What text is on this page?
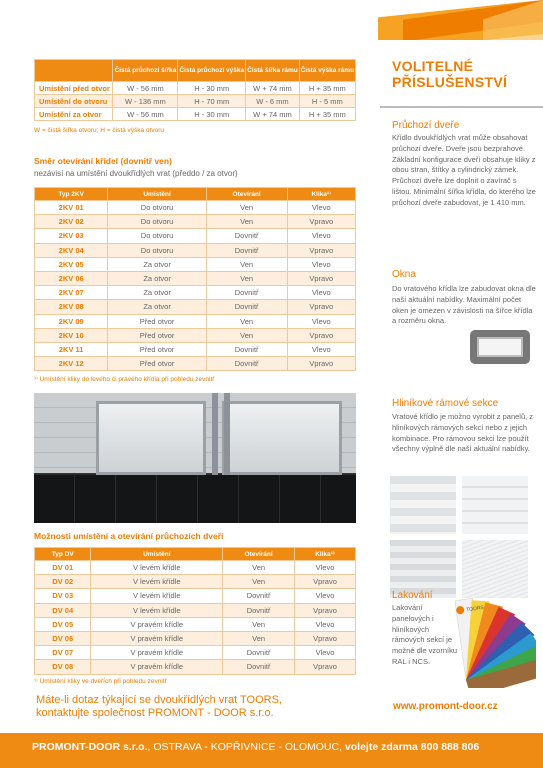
	Čistá průchozí šířka	Čistá průchozí výška	Čistá šířka rámu	Čistá výška rámu
Umístění před otvor	W - 56 mm	H - 30 mm	W + 74 mm	H + 35 mm
Umístění do otvoru	W - 136 mm	H - 70 mm	W - 6 mm	H - 5 mm
Umístění za otvor	W - 56 mm	H - 30 mm	W + 74 mm	H + 35 mm
W = čistá šířka otvoru; H = čistá výška otvoru
Směr otevírání křídel (dovnitř ven)
nezávisí na umístění dvoukřídlých vrat (předdo / za otvor)
Typ 2KV	Umístění	Otevírání	Klika¹⁾
2KV 01	Do otvoru	Ven	Vlevo
2KV 02	Do otvoru	Ven	Vpravo
2KV 03	Do otvoru	Dovnitř	Vlevo
2KV 04	Do otvoru	Dovnitř	Vpravo
2KV 05	Za otvor	Ven	Vlevo
2KV 06	Za otvor	Ven	Vpravo
2KV 07	Za otvor	Dovnitř	Vlevo
2KV 08	Za otvor	Dovnitř	Vpravo
2KV 09	Před otvor	Ven	Vlevo
2KV 10	Před otvor	Ven	Vpravo
2KV 11	Před otvor	Dovnitř	Vlevo
2KV 12	Před otvor	Dovnitř	Vpravo
¹⁾ Umístění kliky do levého či pravého křídla při pohledu zevnitř
Možnosti umístění a otevírání průchozích dveří
Typ DV	Umístění	Otevírání	Klika¹⁾
DV 01	V levém křídle	Ven	Vlevo
DV 02	V levém křídle	Ven	Vpravo
DV 03	V levém křídle	Dovnitř	Vlevo
DV 04	V levém křídle	Dovnitř	Vpravo
DV 05	V pravém křídle	Ven	Vlevo
DV 06	V pravém křídle	Ven	Vpravo
DV 07	V pravém křídle	Dovnitř	Vlevo
DV 08	V pravém křídle	Dovnitř	Vpravo
¹⁾ Umístění kliky ve dveřích při pohledu zevnitř
Máte-li dotaz týkající se dvoukřídlých vrat TOORS,
kontaktujte společnost PROMONT - DOOR s.r.o.
VOLITELNÉ
PŘÍSLUŠENSTVÍ
Průchozí dveře
Křídlo dvoukřídlých vrat může obsahovat průchozí dveře. Dveře jsou bezprahové. Základní konfigurace dveří obsahuje kliky z obou stran, štítky a cylindrický zámek. Průchozí dveře lze doplnit o zavírač s lištou. Minimální šířka křídla, do kterého lze průchozí dveře zabudovat, je 1 410 mm.
Okna
Do vratového křídla lze zabudovat okna dle naší aktuální nabídky. Maximální počet oken je omezen v závislosti na šířce křídla a rozměru okna.
Hliníkové rámové sekce
Vratové křídlo je možno vyrobit z panelů, z hliníkových rámových sekcí nebo z jejich kombinace. Pro rámovou sekci lze použít všechny výplně dle naší aktuální nabídky.
Lakování
Lakování panelových i hliníkových rámových sekcí je možné dle vzorníku RAL i NCS.
TOORS
www.promont-door.cz
PROMONT-DOOR s.r.o., OSTRAVA - KOPŘIVNICE - OLOMOUC, volejte zdarma 800 888 806
